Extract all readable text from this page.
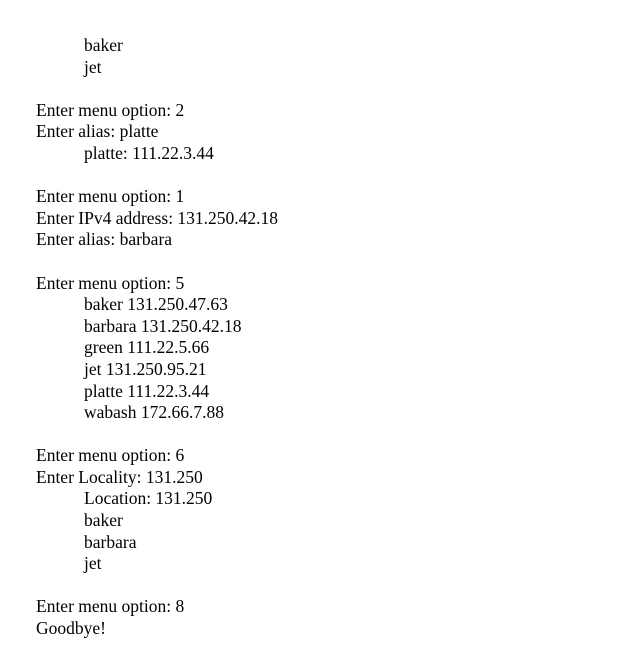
baker
jet
Enter menu option: 2
Enter alias: platte
platte: 111.22.3.44
Enter menu option: 1
Enter IPv4 address: 131.250.42.18
Enter alias: barbara
Enter menu option: 5
baker 131.250.47.63
barbara 131.250.42.18
green 111.22.5.66
jet 131.250.95.21
platte 111.22.3.44
wabash 172.66.7.88
Enter menu option: 6
Enter Locality: 131.250
Location: 131.250
baker
barbara
jet
Enter menu option: 8
Goodbye!
